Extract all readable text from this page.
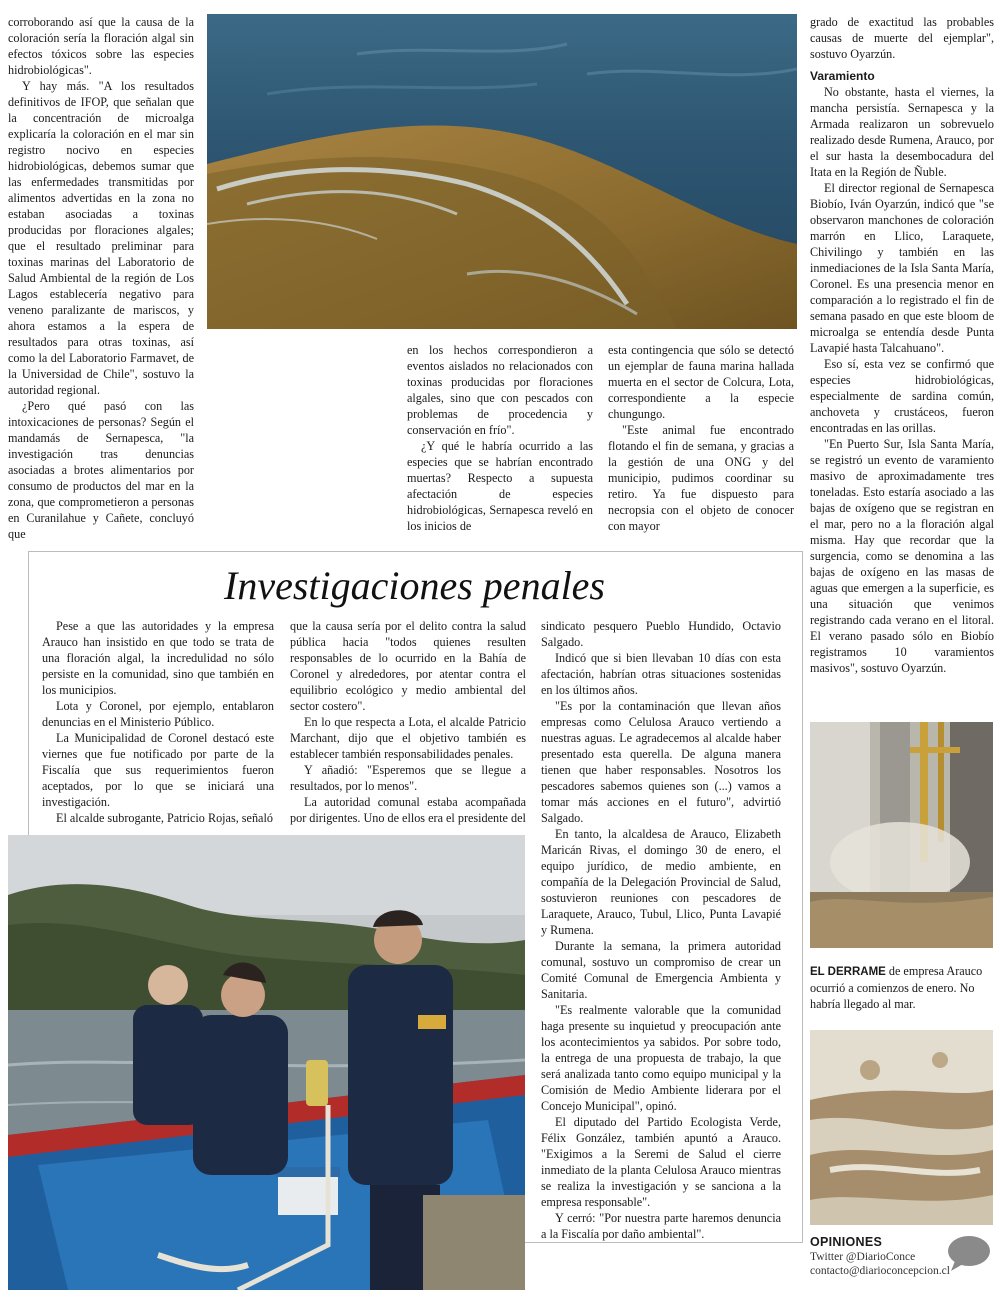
corroborando así que la causa de la coloración sería la floración algal sin efectos tóxicos sobre las especies hidrobiológicas".

Y hay más. "A los resultados definitivos de IFOP, que señalan que la concentración de microalga explicaría la coloración en el mar sin registro nocivo en especies hidrobiológicas, debemos sumar que las enfermedades transmitidas por alimentos advertidas en la zona no estaban asociadas a toxinas producidas por floraciones algales; que el resultado preliminar para toxinas marinas del Laboratorio de Salud Ambiental de la región de Los Lagos establecería negativo para veneno paralizante de mariscos, y ahora estamos a la espera de resultados para otras toxinas, así como la del Laboratorio Farmavet, de la Universidad de Chile", sostuvo la autoridad regional.

¿Pero qué pasó con las intoxicaciones de personas? Según el mandamás de Sernapesca, "la investigación tras denuncias asociadas a brotes alimentarios por consumo de productos del mar en la zona, que comprometieron a personas en Curanilahue y Cañete, concluyó que

en los hechos correspondieron a eventos aislados no relacionados con toxinas producidas por floraciones algales, sino que con pescados con problemas de procedencia y conservación en frío".

¿Y qué le habría ocurrido a las especies que se habrían encontrado muertas? Respecto a supuesta afectación de especies hidrobiológicas, Sernapesca reveló en los inicios de

esta contingencia que sólo se detectó un ejemplar de fauna marina hallada muerta en el sector de Colcura, Lota, correspondiente a la especie chungungo.

"Este animal fue encontrado flotando el fin de semana, y gracias a la gestión de una ONG y del municipio, pudimos coordinar su retiro. Ya fue dispuesto para necropsia con el objeto de conocer con mayor

grado de exactitud las probables causas de muerte del ejemplar", sostuvo Oyarzún.

Varamiento

No obstante, hasta el viernes, la mancha persistía. Sernapesca y la Armada realizaron un sobrevuelo realizado desde Rumena, Arauco, por el sur hasta la desembocadura del Itata en la Región de Ñuble.

El director regional de Sernapesca Biobío, Iván Oyarzún, indicó que "se observaron manchones de coloración marrón en Llico, Laraquete, Chivilingo y también en las inmediaciones de la Isla Santa María, Coronel. Es una presencia menor en comparación a lo registrado el fin de semana pasado en que este bloom de microalga se entendía desde Punta Lavapié hasta Talcahuano".

Eso sí, esta vez se confirmó que especies hidrobiológicas, especialmente de sardina común, anchoveta y crustáceos, fueron encontradas en las orillas.

"En Puerto Sur, Isla Santa María, se registró un evento de varamiento masivo de aproximadamente tres toneladas. Esto estaría asociado a las bajas de oxígeno que se registran en el mar, pero no a la floración algal misma. Hay que recordar que la surgencia, como se denomina a las bajas de oxígeno en las masas de aguas que emergen a la superficie, es una situación que venimos registrando cada verano en el litoral. El verano pasado sólo en Biobío registramos 10 varamientos masivos", sostuvo Oyarzún.

Investigaciones penales

Pese a que las autoridades y la empresa Arauco han insistido en que todo se trata de una floración algal, la incredulidad no sólo persiste en la comunidad, sino que también en los municipios.

Lota y Coronel, por ejemplo, entablaron denuncias en el Ministerio Público.

La Municipalidad de Coronel destacó este viernes que fue notificado por parte de la Fiscalía que sus requerimientos fueron aceptados, por lo que se iniciará una investigación.

El alcalde subrogante, Patricio Rojas, señaló

que la causa sería por el delito contra la salud pública hacia "todos quienes resulten responsables de lo ocurrido en la Bahía de Coronel y alrededores, por atentar contra el equilibrio ecológico y medio ambiental del sector costero".

En lo que respecta a Lota, el alcalde Patricio Marchant, dijo que el objetivo también es establecer también responsabilidades penales.

Y añadió: "Esperemos que se llegue a resultados, por lo menos".

La autoridad comunal estaba acompañada por dirigentes. Uno de ellos era el presidente del

sindicato pesquero Pueblo Hundido, Octavio Salgado.

Indicó que si bien llevaban 10 días con esta afectación, habrían otras situaciones sostenidas en los últimos años.

"Es por la contaminación que llevan años empresas como Celulosa Arauco vertiendo a nuestras aguas. Le agradecemos al alcalde haber presentado esta querella. De alguna manera tienen que haber responsables. Nosotros los pescadores sabemos quienes son (...) vamos a tomar más acciones en el futuro", advirtió Salgado.

En tanto, la alcaldesa de Arauco, Elizabeth Maricán Rivas, el domingo 30 de enero, el equipo jurídico, de medio ambiente, en compañía de la Delegación Provincial de Salud, sostuvieron reuniones con pescadores de Laraquete, Arauco, Tubul, Llico, Punta Lavapié y Rumena.

Durante la semana, la primera autoridad comunal, sostuvo un compromiso de crear un Comité Comunal de Emergencia Ambienta y Sanitaria.

"Es realmente valorable que la comunidad haga presente su inquietud y preocupación ante los acontecimientos ya sabidos. Por sobre todo, la entrega de una propuesta de trabajo, la que será analizada tanto como equipo municipal y la Comisión de Medio Ambiente liderara por el Concejo Municipal", opinó.

El diputado del Partido Ecologista Verde, Félix González, también apuntó a Arauco. "Exigimos a la Seremi de Salud el cierre inmediato de la planta Celulosa Arauco mientras se realiza la investigación y se sanciona a la empresa responsable".

Y cerró: "Por nuestra parte haremos denuncia a la Fiscalía por daño ambiental".

EL DERRAME de empresa Arauco ocurrió a comienzos de enero. No habría llegado al mar.
OPINIONES
Twitter @DiarioConce
contacto@diarioconcepcion.cl
